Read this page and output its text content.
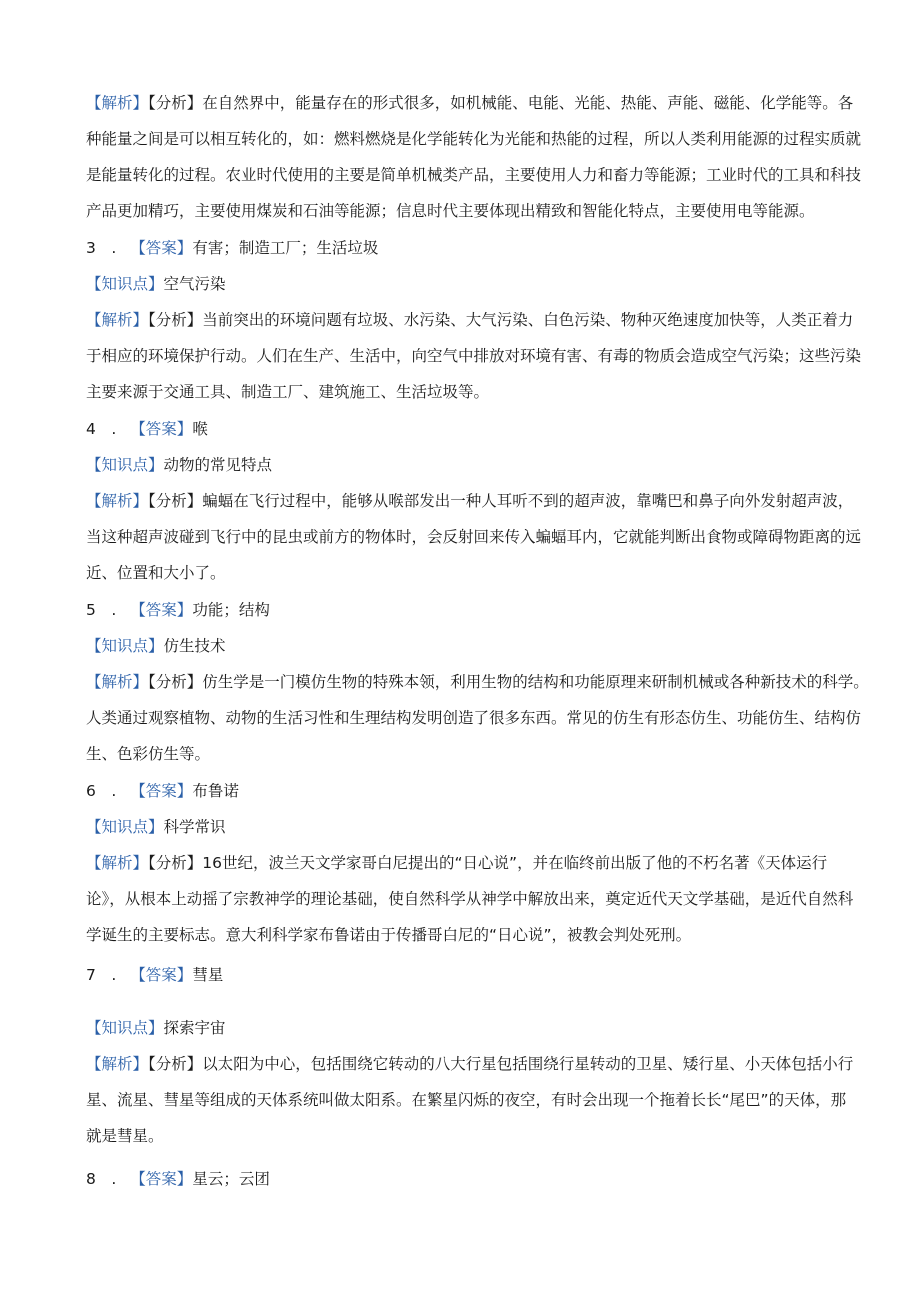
【解析】【分析】在自然界中，能量存在的形式很多，如机械能、电能、光能、热能、声能、磁能、化学能等。各
种能量之间是可以相互转化的，如：燃料燃烧是化学能转化为光能和热能的过程，所以人类利用能源的过程实质就
是能量转化的过程。农业时代使用的主要是简单机械类产品，主要使用人力和畜力等能源；工业时代的工具和科技
产品更加精巧，主要使用煤炭和石油等能源；信息时代主要体现出精致和智能化特点，主要使用电等能源。
3　. 【答案】有害；制造工厂；生活垃圾
【知识点】空气污染
【解析】【分析】当前突出的环境问题有垃圾、水污染、大气污染、白色污染、物种灭绝速度加快等，人类正着力
于相应的环境保护行动。人们在生产、生活中，向空气中排放对环境有害、有毒的物质会造成空气污染；这些污染
主要来源于交通工具、制造工厂、建筑施工、生活垃圾等。
4　. 【答案】喉
【知识点】动物的常见特点
【解析】【分析】蝙蝠在飞行过程中，能够从喉部发出一种人耳听不到的超声波，靠嘴巴和鼻子向外发射超声波，
当这种超声波碰到飞行中的昆虫或前方的物体时，会反射回来传入蝙蝠耳内，它就能判断出食物或障碍物距离的远
近、位置和大小了。
5　. 【答案】功能；结构
【知识点】仿生技术
【解析】【分析】仿生学是一门模仿生物的特殊本领，利用生物的结构和功能原理来研制机械或各种新技术的科学。
人类通过观察植物、动物的生活习性和生理结构发明创造了很多东西。常见的仿生有形态仿生、功能仿生、结构仿
生、色彩仿生等。
6　. 【答案】布鲁诺
【知识点】科学常识
【解析】【分析】16世纪，波兰天文学家哥白尼提出的“日心说”，并在临终前出版了他的不朽名著《天体运行
论》，从根本上动摇了宗教神学的理论基础，使自然科学从神学中解放出来，奠定近代天文学基础，是近代自然科
学诞生的主要标志。意大利科学家布鲁诺由于传播哥白尼的“日心说”，被教会判处死刑。
7　. 【答案】彗星
【知识点】探索宇宙
【解析】【分析】以太阳为中心，包括围绕它转动的八大行星包括围绕行星转动的卫星、矮行星、小天体包括小行
星、流星、彗星等组成的天体系统叫做太阳系。在繁星闪烁的夜空，有时会出现一个拖着长长“尾巴”的天体，那
就是彗星。
8　. 【答案】星云；云团
